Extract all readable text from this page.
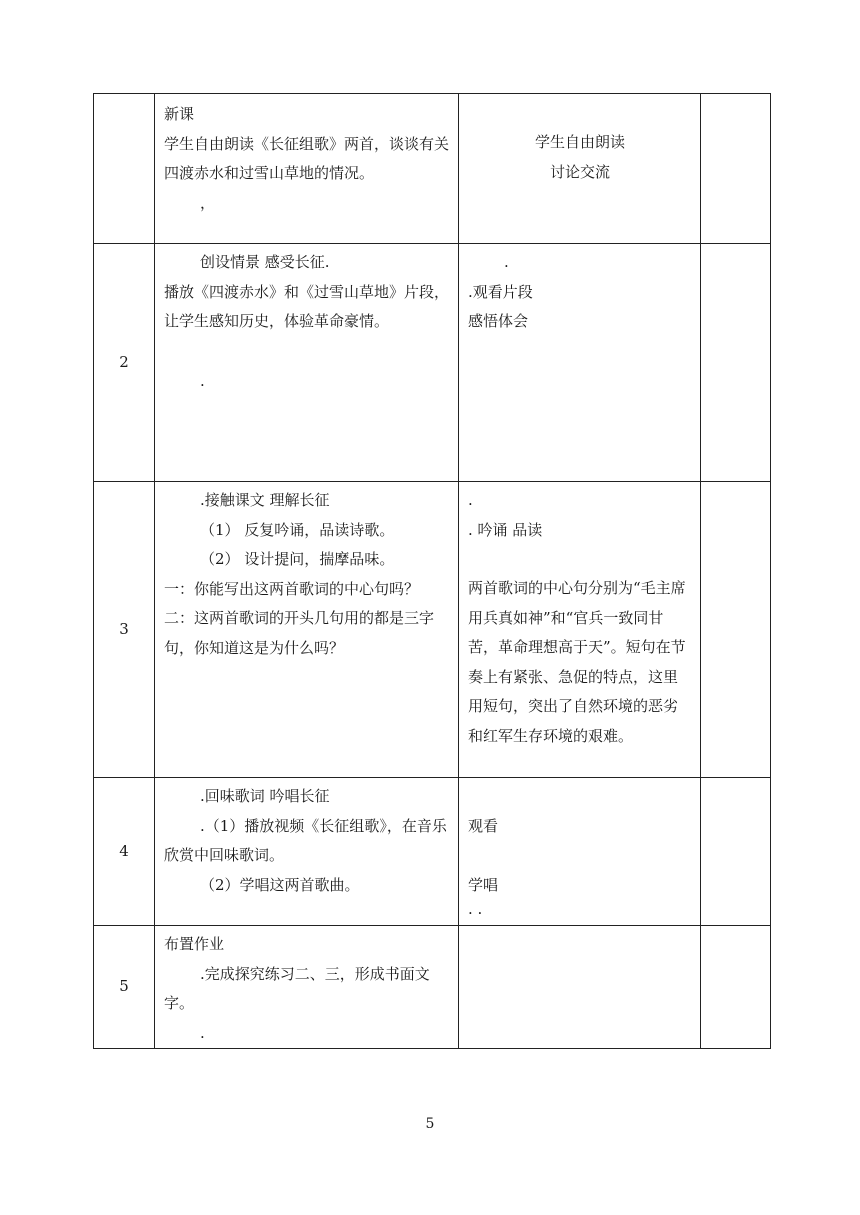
	新课
学生自由朗读《长征组歌》两首，谈谈有关四渡赤水和过雪山草地的情况。
，	学生自由朗读
讨论交流	

2	创设情景 感受长征.
播放《四渡赤水》和《过雪山草地》片段，让学生感知历史，体验革命豪情。
.	.
.观看片段
感悟体会	

3	.接触课文 理解长征
（1） 反复吟诵，品读诗歌。
（2） 设计提问，揣摩品味。
一：你能写出这两首歌词的中心句吗？
二：这两首歌词的开头几句用的都是三字句，你知道这是为什么吗？	.
. 吟诵 品读
两首歌词的中心句分别为“毛主席用兵真如神”和“官兵一致同甘苦，革命理想高于天”。短句在节奏上有紧张、急促的特点，这里用短句，突出了自然环境的恶劣和红军生存环境的艰难。	

4	.回味歌词 吟唱长征
.（1）播放视频《长征组歌》，在音乐欣赏中回味歌词。
（2）学唱这两首歌曲。	观看
学唱
. .	

5	布置作业
.完成探究练习二、三，形成书面文字。
.		

5
